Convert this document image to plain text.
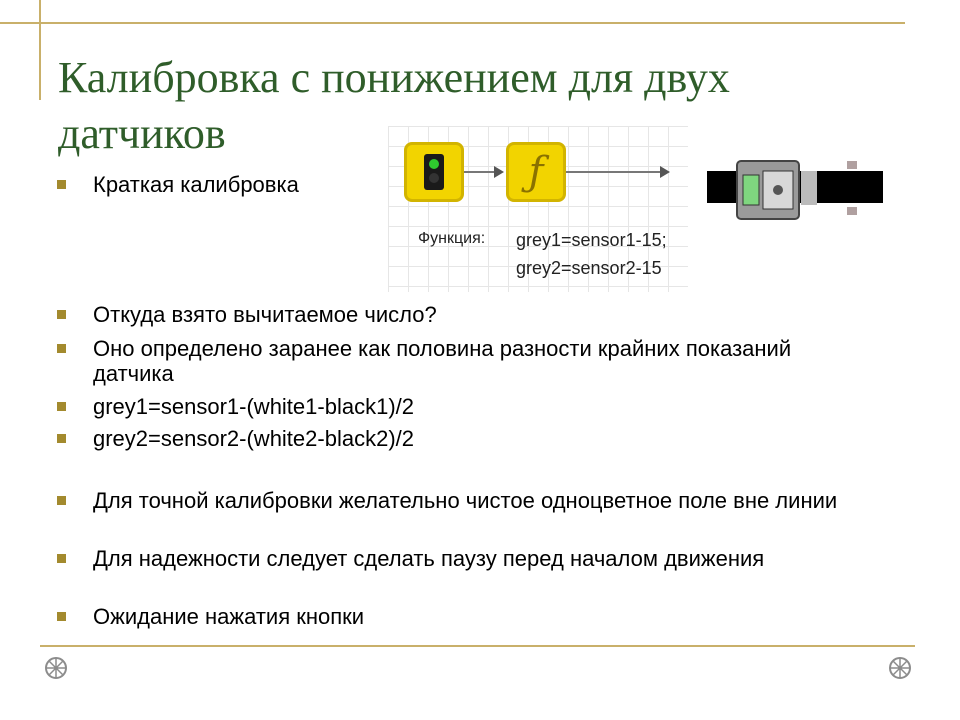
Калибровка с понижением для двух датчиков
ƒ
Функция: grey1=sensor1-15;
grey2=sensor2-15
Краткая калибровка
Откуда взято вычитаемое число?
Оно определено заранее как половина разности крайних показаний датчика
grey1=sensor1-(white1-black1)/2
grey2=sensor2-(white2-black2)/2
Для точной калибровки желательно чистое одноцветное поле вне линии
Для надежности следует сделать паузу перед началом движения
Ожидание нажатия кнопки
